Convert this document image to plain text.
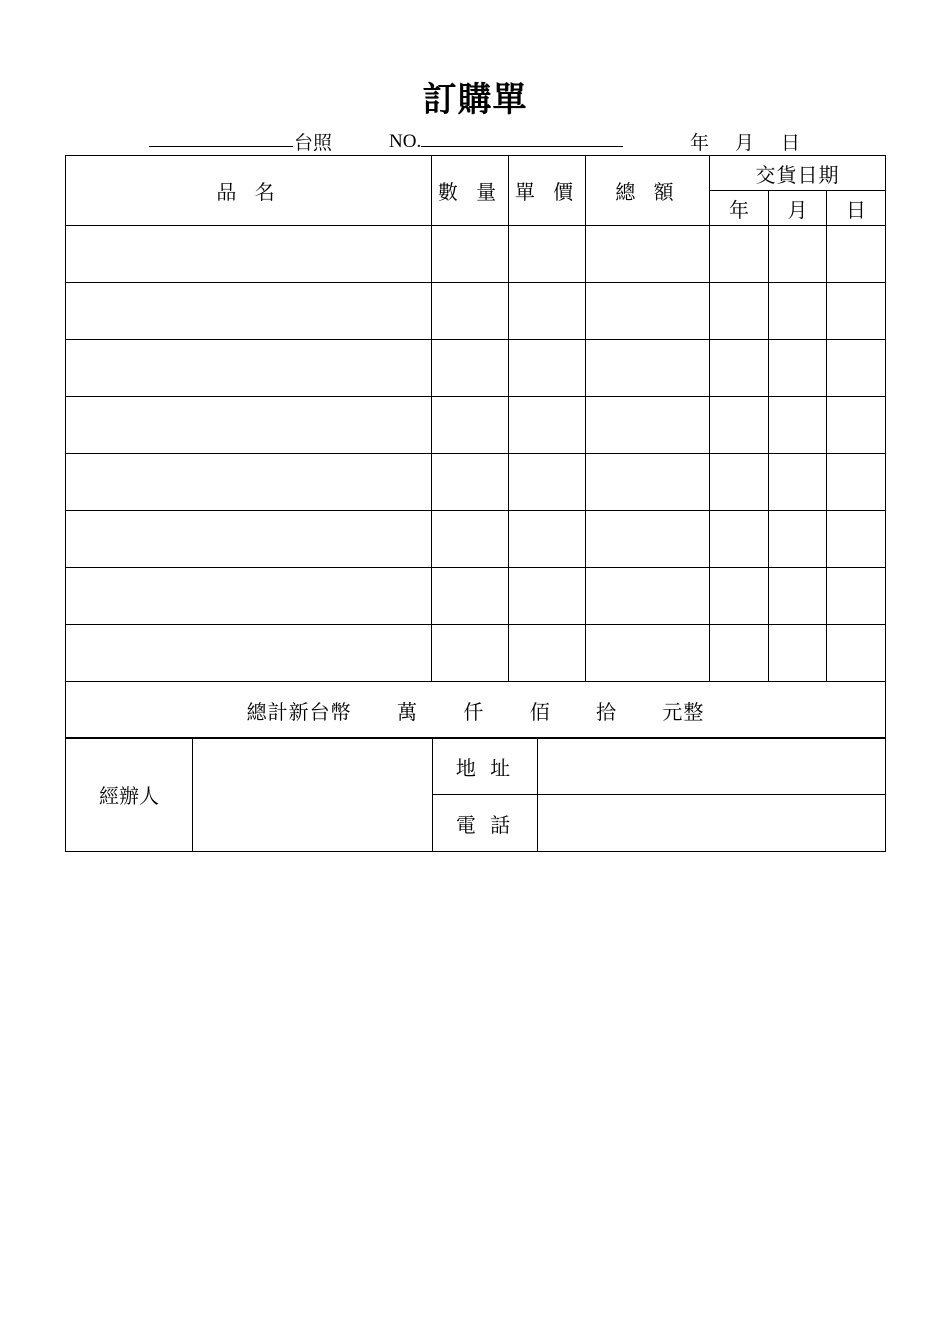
訂購單
台照	NO.	年 月 日
品 名	數 量	單 價	總 額	交貨日期		
				年	月	日

總計新台幣 萬 仟 佰 拾 元整						
經辦人		地 址	
		電 話	
